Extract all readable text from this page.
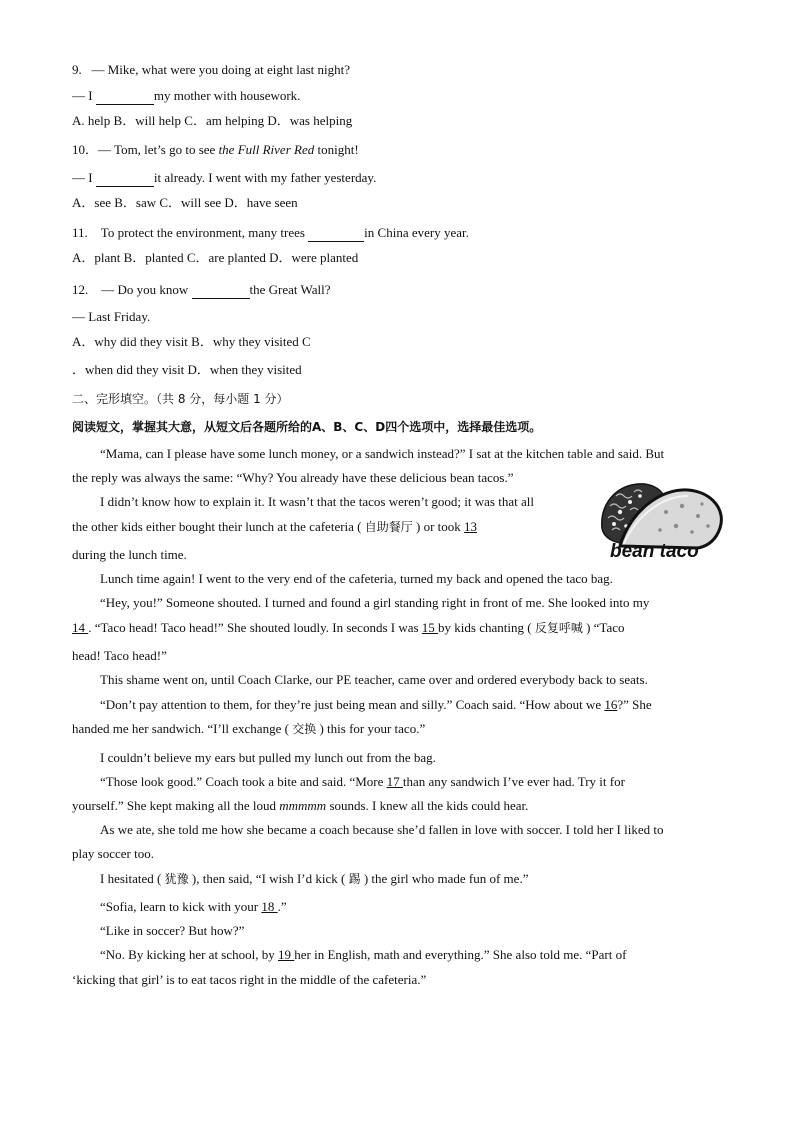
9. — Mike, what were you doing at eight last night?
— I	my mother with housework.
A. help B．will help C．am helping D．was helping
10．— Tom, let’s go to see the Full River Red tonight!
— I	it already. I went with my father yesterday.
A．see B．saw C．will see D．have seen
11. To protect the environment, many trees	in China every year.
A．plant B．planted C．are planted D．were planted
12. — Do you know	the Great Wall?
— Last Friday.
A．why did they visit B．why they visited C
．when did they visit D．when they visited
二、完形填空。（共 8 分，每小题 1 分）
阅读短文，掌握其大意，从短文后各题所给的A、B、C、D四个选项中，选择最佳选项。
“Mama, can I please have some lunch money, or a sandwich instead?” I sat at the kitchen table and said. But
the reply was always the same: “Why? You already have these delicious bean tacos.”
I didn’t know how to explain it. It wasn’t that the tacos weren’t good; it was that all
the other kids either bought their lunch at the cafeteria ( 自助餐厅 ) or took 13
during the lunch time.
Lunch time again! I went to the very end of the cafeteria, turned my back and opened the taco bag.
“Hey, you!” Someone shouted. I turned and found a girl standing right in front of me. She looked into my
14 . “Taco head! Taco head!” She shouted loudly. In seconds I was 15 by kids chanting ( 反复呼喊 ) “Taco
head! Taco head!”
This shame went on, until Coach Clarke, our PE teacher, came over and ordered everybody back to seats.
“Don’t pay attention to them, for they’re just being mean and silly.” Coach said. “How about we 16?” She
handed me her sandwich. “I’ll exchange ( 交换 ) this for your taco.”
I couldn’t believe my ears but pulled my lunch out from the bag.
“Those look good.” Coach took a bite and said. “More 17 than any sandwich I’ve ever had. Try it for
yourself.” She kept making all the loud mmmmm sounds. I knew all the kids could hear.
As we ate, she told me how she became a coach because she’d fallen in love with soccer. I told her I liked to
play soccer too.
I hesitated ( 犹豫 ), then said, “I wish I’d kick ( 踢 ) the girl who made fun of me.”
“Sofia, learn to kick with your 18 .”
“Like in soccer? But how?”
“No. By kicking her at school, by 19 her in English, math and everything.” She also told me. “Part of
‘kicking that girl’ is to eat tacos right in the middle of the cafeteria.”
bean taco
